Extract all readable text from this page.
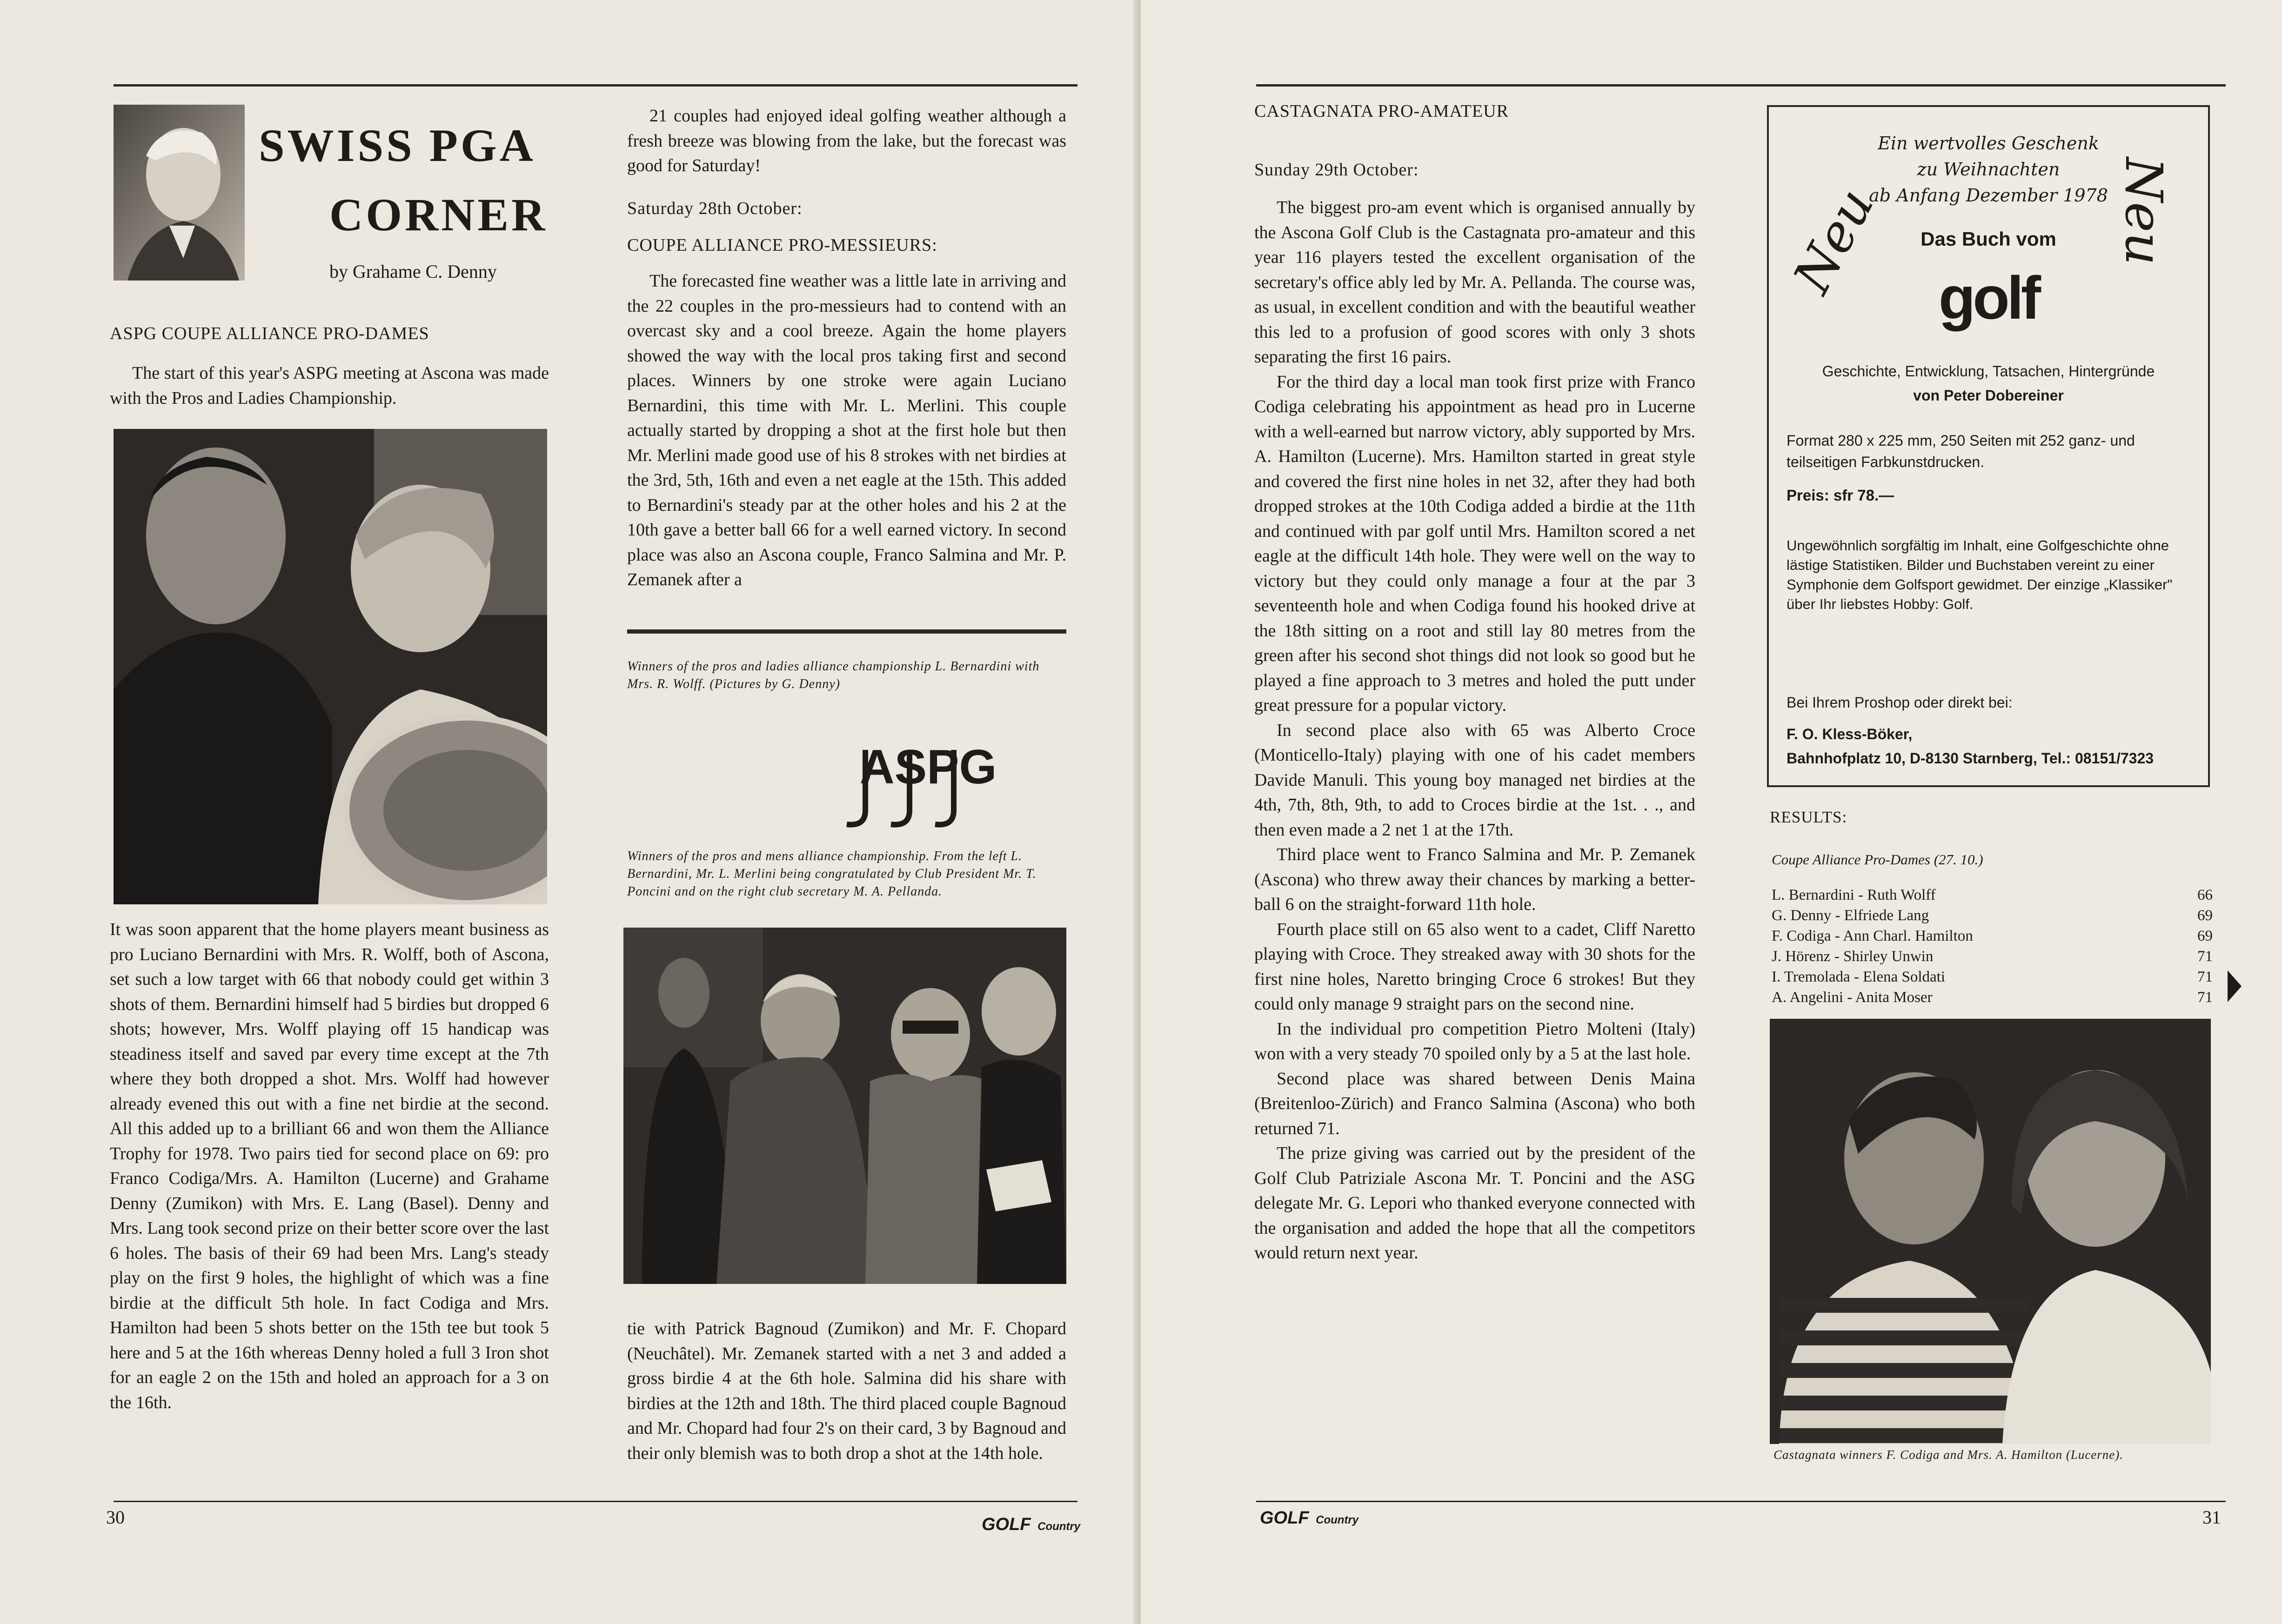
SWISS PGA
CORNER
by Grahame C. Denny
ASPG COUPE ALLIANCE PRO-DAMES

The start of this year's ASPG meeting at Ascona was made with the Pros and Ladies Championship.

It was soon apparent that the home players meant business as pro Luciano Bernardini with Mrs. R. Wolff, both of Ascona, set such a low target with 66 that nobody could get within 3 shots of them. Bernardini himself had 5 birdies but dropped 6 shots; however, Mrs. Wolff playing off 15 handicap was steadiness itself and saved par every time except at the 7th where they both dropped a shot. Mrs. Wolff had however already evened this out with a fine net birdie at the second. All this added up to a brilliant 66 and won them the Alliance Trophy for 1978. Two pairs tied for second place on 69: pro Franco Codiga/Mrs. A. Hamilton (Lucerne) and Grahame Denny (Zumikon) with Mrs. E. Lang (Basel). Denny and Mrs. Lang took second prize on their better score over the last 6 holes. The basis of their 69 had been Mrs. Lang's steady play on the first 9 holes, the highlight of which was a fine birdie at the difficult 5th hole. In fact Codiga and Mrs. Hamilton had been 5 shots better on the 15th tee but took 5 here and 5 at the 16th whereas Denny holed a full 3 Iron shot for an eagle 2 on the 15th and holed an approach for a 3 on the 16th.

21 couples had enjoyed ideal golfing weather although a fresh breeze was blowing from the lake, but the forecast was good for Saturday!

Saturday 28th October:
COUPE ALLIANCE PRO-MESSIEURS:

The forecasted fine weather was a little late in arriving and the 22 couples in the pro-messieurs had to contend with an overcast sky and a cool breeze. Again the home players showed the way with the local pros taking first and second places. Winners by one stroke were again Luciano Bernardini, this time with Mr. L. Merlini. This couple actually started by dropping a shot at the first hole but then Mr. Merlini made good use of his 8 strokes with net birdies at the 3rd, 5th, 16th and even a net eagle at the 15th. This added to Bernardini's steady par at the other holes and his 2 at the 10th gave a better ball 66 for a well earned victory. In second place was also an Ascona couple, Franco Salmina and Mr. P. Zemanek after a

Winners of the pros and ladies alliance championship L. Bernardini with Mrs. R. Wolff. (Pictures by G. Denny)
ASPG
Winners of the pros and mens alliance championship. From the left L. Bernardini, Mr. L. Merlini being congratulated by Club President Mr. T. Poncini and on the right club secretary M. A. Pellanda.

tie with Patrick Bagnoud (Zumikon) and Mr. F. Chopard (Neuchâtel). Mr. Zemanek started with a net 3 and added a gross birdie 4 at the 6th hole. Salmina did his share with birdies at the 12th and 18th. The third placed couple Bagnoud and Mr. Chopard had four 2's on their card, 3 by Bagnoud and their only blemish was to both drop a shot at the 14th hole.

30	GOLF Country
CASTAGNATA PRO-AMATEUR
Sunday 29th October:

The biggest pro-am event which is organised annually by the Ascona Golf Club is the Castagnata pro-amateur and this year 116 players tested the excellent organisation of the secretary's office ably led by Mr. A. Pellanda. The course was, as usual, in excellent condition and with the beautiful weather this led to a profusion of good scores with only 3 shots separating the first 16 pairs.

For the third day a local man took first prize with Franco Codiga celebrating his appointment as head pro in Lucerne with a well-earned but narrow victory, ably supported by Mrs. A. Hamilton (Lucerne). Mrs. Hamilton started in great style and covered the first nine holes in net 32, after they had both dropped strokes at the 10th Codiga added a birdie at the 11th and continued with par golf until Mrs. Hamilton scored a net eagle at the difficult 14th hole. They were well on the way to victory but they could only manage a four at the par 3 seventeenth hole and when Codiga found his hooked drive at the 18th sitting on a root and still lay 80 metres from the green after his second shot things did not look so good but he played a fine approach to 3 metres and holed the putt under great pressure for a popular victory.

In second place also with 65 was Alberto Croce (Monticello-Italy) playing with one of his cadet members Davide Manuli. This young boy managed net birdies at the 4th, 7th, 8th, 9th, to add to Croces birdie at the 1st. . ., and then even made a 2 net 1 at the 17th.

Third place went to Franco Salmina and Mr. P. Zemanek (Ascona) who threw away their chances by marking a better-ball 6 on the straight-forward 11th hole.

Fourth place still on 65 also went to a cadet, Cliff Naretto playing with Croce. They streaked away with 30 shots for the first nine holes, Naretto bringing Croce 6 strokes! But they could only manage 9 straight pars on the second nine.

In the individual pro competition Pietro Molteni (Italy) won with a very steady 70 spoiled only by a 5 at the last hole.

Second place was shared between Denis Maina (Breitenloo-Zürich) and Franco Salmina (Ascona) who both returned 71.

The prize giving was carried out by the president of the Golf Club Patriziale Ascona Mr. T. Poncini and the ASG delegate Mr. G. Lepori who thanked everyone connected with the organisation and added the hope that all the competitors would return next year.

Neu	Neu
Ein wertvolles Geschenk
zu Weihnachten
ab Anfang Dezember 1978
Das Buch vom
golf
Geschichte, Entwicklung, Tatsachen, Hintergründe
von Peter Dobereiner
Format 280 x 225 mm, 250 Seiten mit 252 ganz- und teilseitigen Farbkunstdrucken.
Preis: sfr 78.—
Ungewöhnlich sorgfältig im Inhalt, eine Golfgeschichte ohne lästige Statistiken. Bilder und Buchstaben vereint zu einer Symphonie dem Golfsport gewidmet. Der einzige „Klassiker" über Ihr liebstes Hobby: Golf.
Bei Ihrem Proshop oder direkt bei:
F. O. Kless-Böker,
Bahnhofplatz 10, D-8130 Starnberg, Tel.: 08151/7323
RESULTS:
Coupe Alliance Pro-Dames (27. 10.)
L. Bernardini - Ruth Wolff	66
G. Denny - Elfriede Lang	69
F. Codiga - Ann Charl. Hamilton	69
J. Hörenz - Shirley Unwin	71
I. Tremolada - Elena Soldati	71
A. Angelini - Anita Moser	71
Castagnata winners F. Codiga and Mrs. A. Hamilton (Lucerne).
GOLF Country	31
